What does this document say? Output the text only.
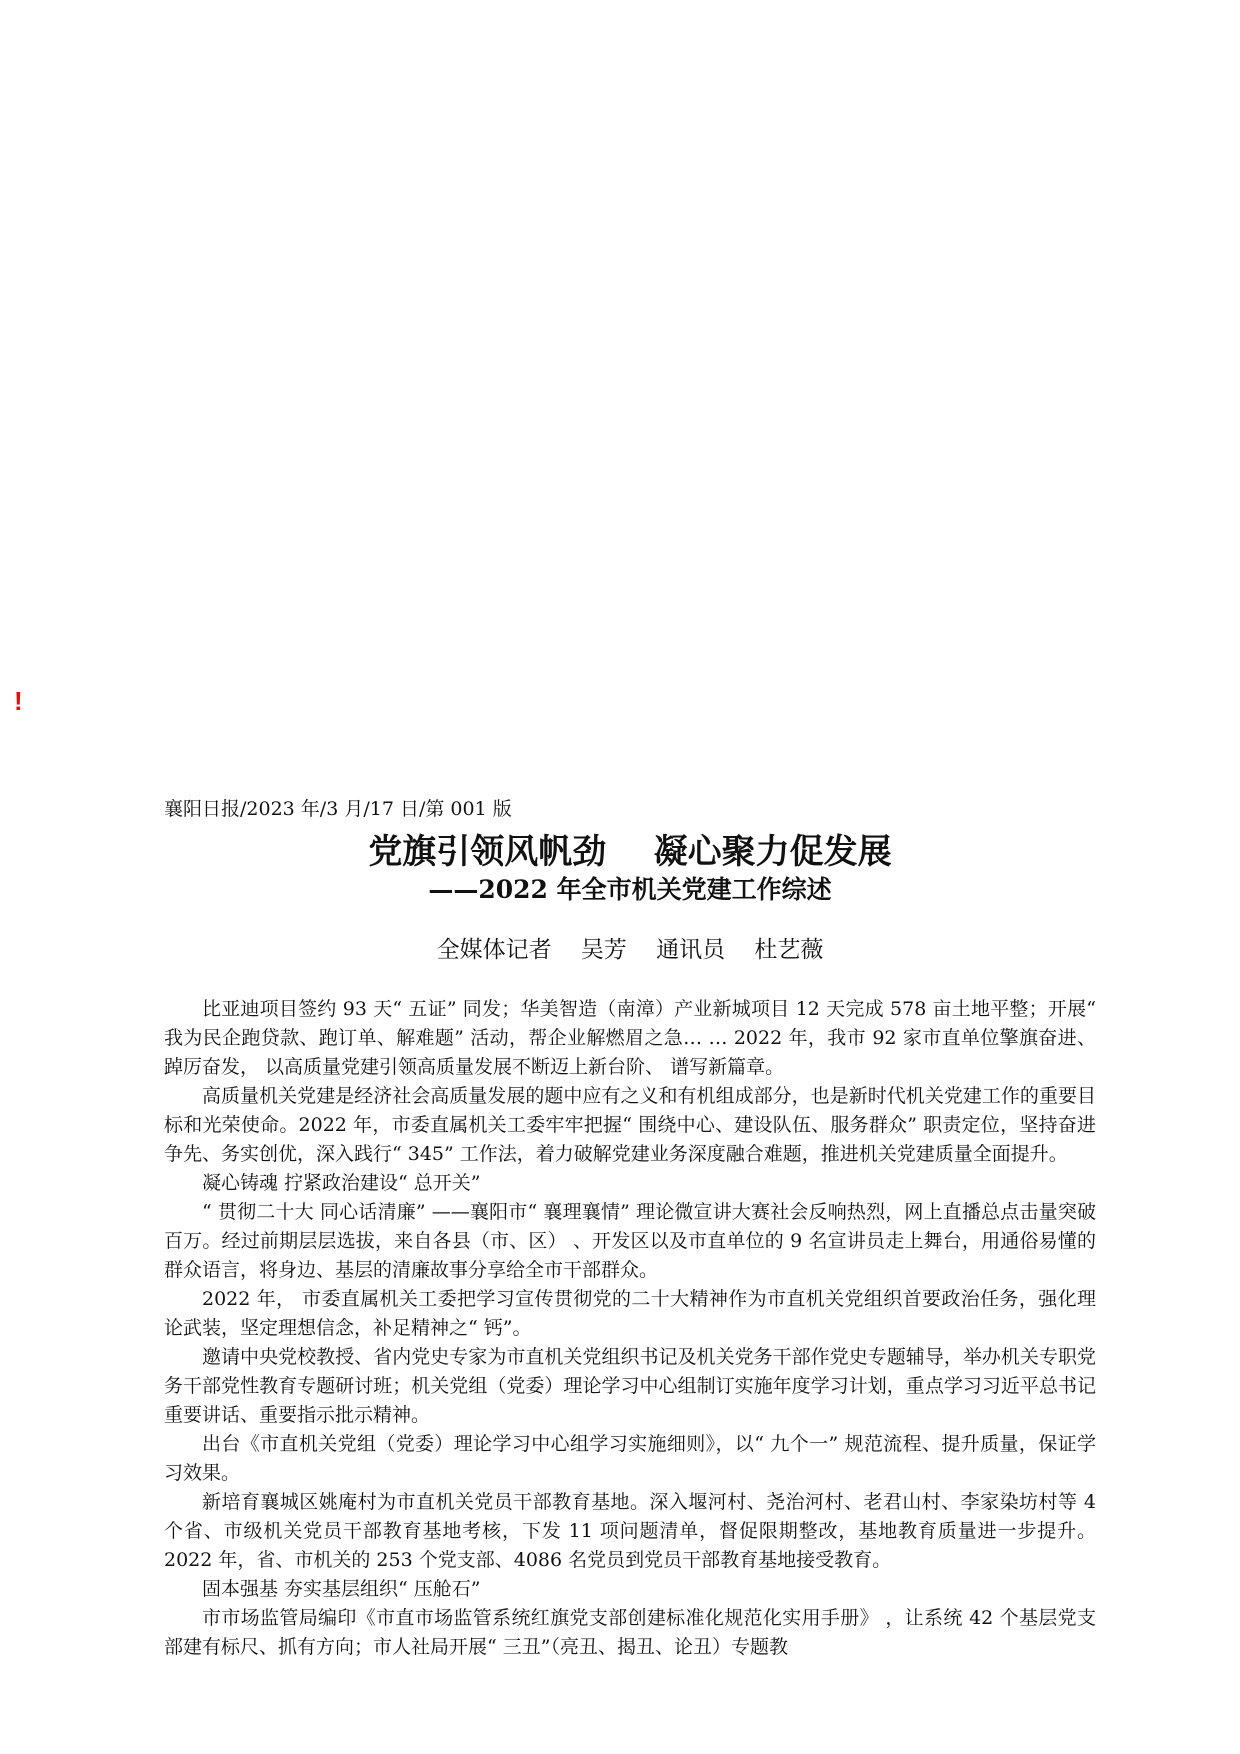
!
襄阳日报/2023 年/3 月/17 日/第 001 版
党旗引领风帆劲    凝心聚力促发展
——2022 年全市机关党建工作综述
全媒体记者    吴芳    通讯员    杜艺薇

比亚迪项目签约 93 天“ 五证” 同发；华美智造（南漳）产业新城项目 12 天完成 578 亩土地平整；开展“ 我为民企跑贷款、跑订单、解难题” 活动，帮企业解燃眉之急… … 2022 年，我市 92 家市直单位擎旗奋进、 踔厉奋发， 以高质量党建引领高质量发展不断迈上新台阶、 谱写新篇章。

高质量机关党建是经济社会高质量发展的题中应有之义和有机组成部分，也是新时代机关党建工作的重要目标和光荣使命。2022 年，市委直属机关工委牢牢把握“ 围绕中心、建设队伍、服务群众” 职责定位，坚持奋进争先、务实创优，深入践行“ 345” 工作法，着力破解党建业务深度融合难题，推进机关党建质量全面提升。

凝心铸魂 拧紧政治建设“ 总开关”

“ 贯彻二十大 同心话清廉” ——襄阳市“ 襄理襄情” 理论微宣讲大赛社会反响热烈，网上直播总点击量突破百万。经过前期层层选拔，来自各县（市、区） 、开发区以及市直单位的 9 名宣讲员走上舞台，用通俗易懂的群众语言，将身边、基层的清廉故事分享给全市干部群众。

2022 年， 市委直属机关工委把学习宣传贯彻党的二十大精神作为市直机关党组织首要政治任务，强化理论武装，坚定理想信念，补足精神之“ 钙”。

邀请中央党校教授、省内党史专家为市直机关党组织书记及机关党务干部作党史专题辅导，举办机关专职党务干部党性教育专题研讨班；机关党组（党委）理论学习中心组制订实施年度学习计划，重点学习习近平总书记重要讲话、重要指示批示精神。

出台《市直机关党组（党委）理论学习中心组学习实施细则》，以“ 九个一” 规范流程、提升质量，保证学习效果。

新培育襄城区姚庵村为市直机关党员干部教育基地。深入堰河村、尧治河村、老君山村、李家染坊村等 4 个省、市级机关党员干部教育基地考核，下发 11 项问题清单，督促限期整改，基地教育质量进一步提升。2022 年，省、市机关的 253 个党支部、4086 名党员到党员干部教育基地接受教育。

固本强基 夯实基层组织“ 压舱石”

市市场监管局编印《市直市场监管系统红旗党支部创建标准化规范化实用手册》 ，让系统 42 个基层党支部建有标尺、抓有方向；市人社局开展“ 三丑”（亮丑、揭丑、论丑）专题教
